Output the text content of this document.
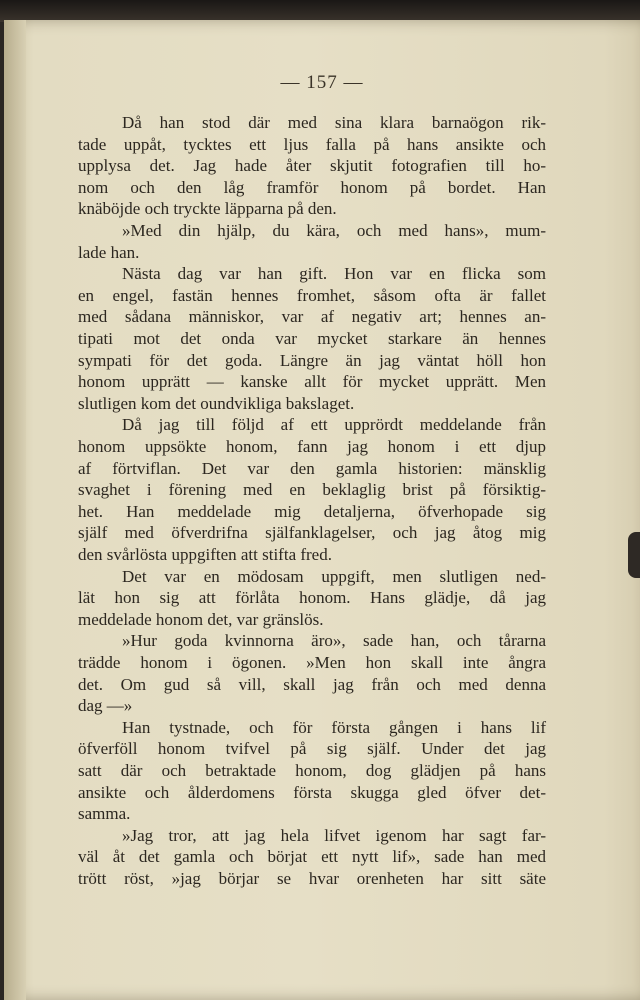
— 157 —
Då han stod där med sina klara barnaögon rik-
tade uppåt, tycktes ett ljus falla på hans ansikte och
upplysa det. Jag hade åter skjutit fotografien till ho-
nom och den låg framför honom på bordet. Han
knäböjde och tryckte läpparna på den.
»Med din hjälp, du kära, och med hans», mum-
lade han.
Nästa dag var han gift. Hon var en flicka som
en engel, fastän hennes fromhet, såsom ofta är fallet
med sådana människor, var af negativ art; hennes an-
tipati mot det onda var mycket starkare än hennes
sympati för det goda. Längre än jag väntat höll hon
honom upprätt — kanske allt för mycket upprätt. Men
slutligen kom det oundvikliga bakslaget.
Då jag till följd af ett upprördt meddelande från
honom uppsökte honom, fann jag honom i ett djup
af förtviflan. Det var den gamla historien: mänsklig
svaghet i förening med en beklaglig brist på försiktig-
het. Han meddelade mig detaljerna, öfverhopade sig
själf med öfverdrifna själfanklagelser, och jag åtog mig
den svårlösta uppgiften att stifta fred.
Det var en mödosam uppgift, men slutligen ned-
lät hon sig att förlåta honom. Hans glädje, då jag
meddelade honom det, var gränslös.
»Hur goda kvinnorna äro», sade han, och tårarna
trädde honom i ögonen. »Men hon skall inte ångra
det. Om gud så vill, skall jag från och med denna
dag —»
Han tystnade, och för första gången i hans lif
öfverföll honom tvifvel på sig själf. Under det jag
satt där och betraktade honom, dog glädjen på hans
ansikte och ålderdomens första skugga gled öfver det-
samma.
»Jag tror, att jag hela lifvet igenom har sagt far-
väl åt det gamla och börjat ett nytt lif», sade han med
trött röst, »jag börjar se hvar orenheten har sitt säte
